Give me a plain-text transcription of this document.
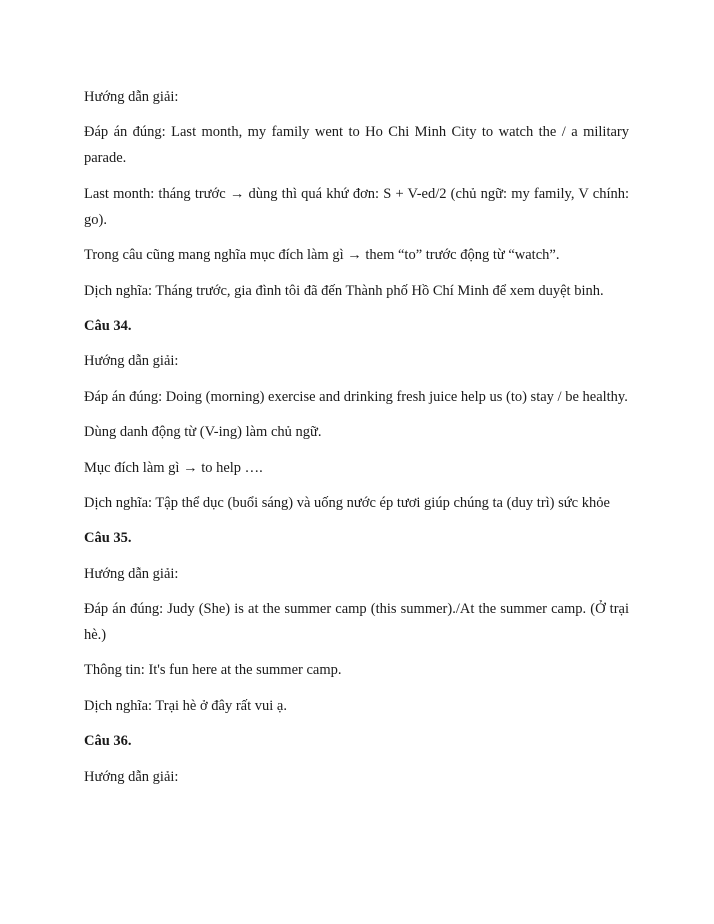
Hướng dẫn giải:

Đáp án đúng: Last month, my family went to Ho Chi Minh City to watch the / a military parade.

Last month: tháng trước → dùng thì quá khứ đơn: S + V-ed/2 (chủ ngữ: my family, V chính: go).

Trong câu cũng mang nghĩa mục đích làm gì → them “to” trước động từ “watch”.

Dịch nghĩa: Tháng trước, gia đình tôi đã đến Thành phố Hồ Chí Minh để xem duyệt binh.

Câu 34.

Hướng dẫn giải:

Đáp án đúng: Doing (morning) exercise and drinking fresh juice help us (to) stay / be healthy.

Dùng danh động từ (V-ing) làm chủ ngữ.

Mục đích làm gì → to help ….

Dịch nghĩa: Tập thể dục (buổi sáng) và uống nước ép tươi giúp chúng ta (duy trì) sức khỏe

Câu 35.

Hướng dẫn giải:

Đáp án đúng: Judy (She) is at the summer camp (this summer)./At the summer camp. (Ở trại hè.)

Thông tin: It's fun here at the summer camp.

Dịch nghĩa: Trại hè ở đây rất vui ạ.

Câu 36.

Hướng dẫn giải:
